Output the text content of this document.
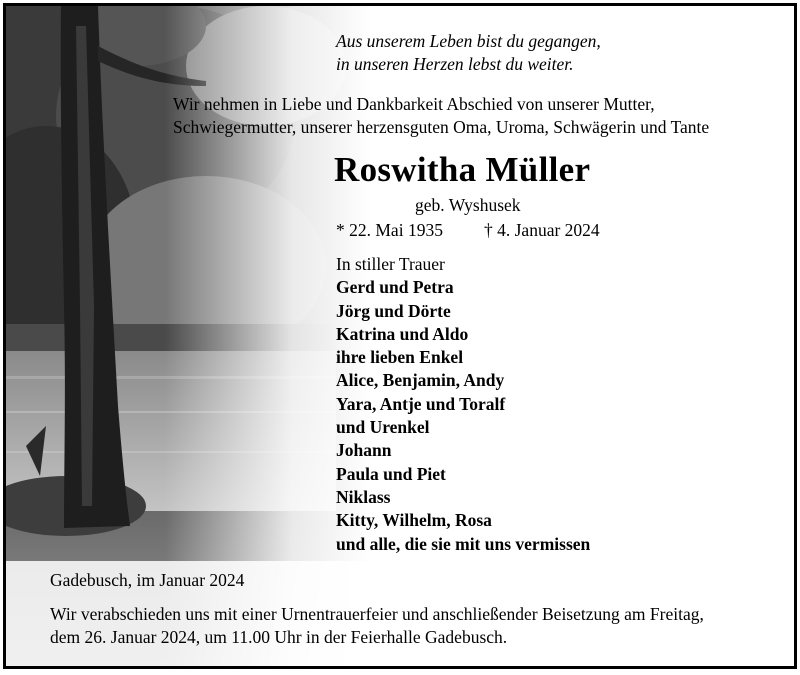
Aus unserem Leben bist du gegangen,
in unseren Herzen lebst du weiter.
Wir nehmen in Liebe und Dankbarkeit Abschied von unserer Mutter,
Schwiegermutter, unserer herzensguten Oma, Uroma, Schwägerin und Tante
Roswitha Müller
geb. Wyshusek
* 22. Mai 1935 † 4. Januar 2024
In stiller Trauer
Gerd und Petra
Jörg und Dörte
Katrina und Aldo
ihre lieben Enkel
Alice, Benjamin, Andy
Yara, Antje und Toralf
und Urenkel
Johann
Paula und Piet
Niklass
Kitty, Wilhelm, Rosa
und alle, die sie mit uns vermissen
Gadebusch, im Januar 2024
Wir verabschieden uns mit einer Urnentrauerfeier und anschließender Beisetzung am Freitag,
dem 26. Januar 2024, um 11.00 Uhr in der Feierhalle Gadebusch.
